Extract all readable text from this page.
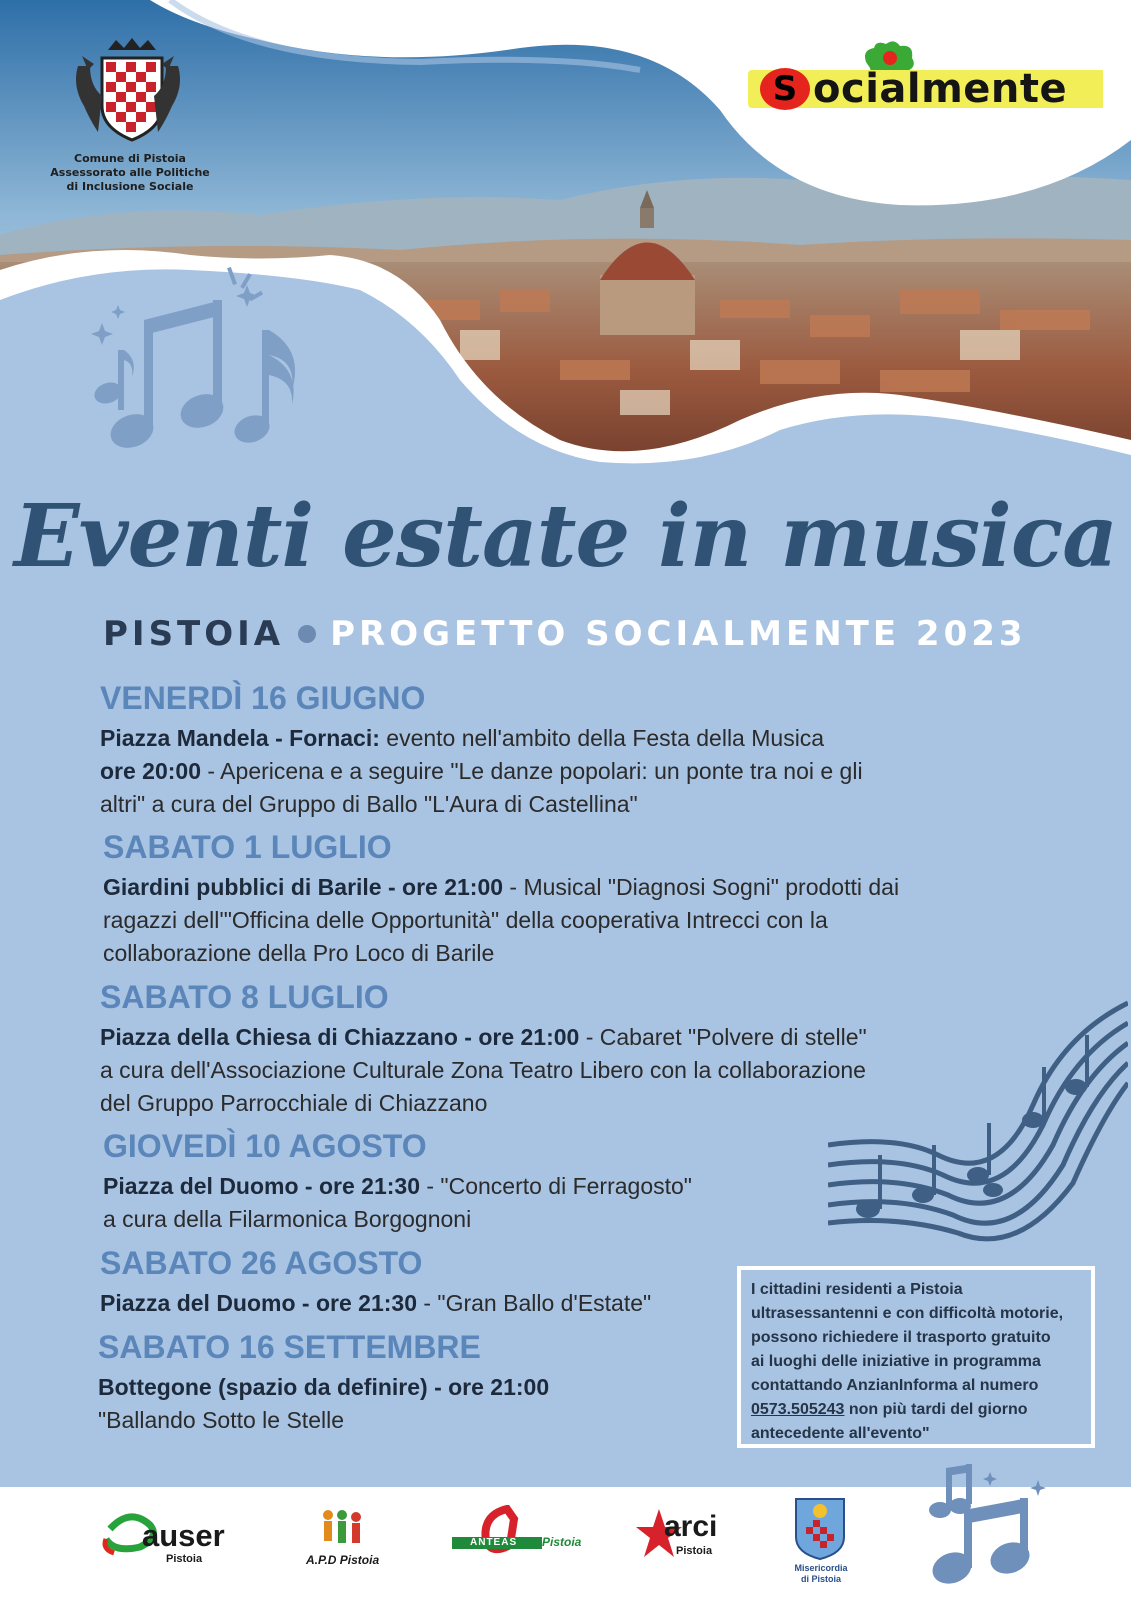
Comune di Pistoia
Assessorato alle Politiche
di Inclusione Sociale
S ocialmente
Eventi estate in musica
PISTOIA PROGETTO SOCIALMENTE 2023
VENERDÌ 16 GIUGNO
Piazza Mandela - Fornaci: evento nell'ambito della Festa della Musica
ore 20:00 - Apericena e a seguire "Le danze popolari: un ponte tra noi e gli
altri" a cura del Gruppo di Ballo "L'Aura di Castellina"
SABATO 1 LUGLIO
Giardini pubblici di Barile - ore 21:00 - Musical "Diagnosi Sogni" prodotti dai
ragazzi dell'"Officina delle Opportunità" della cooperativa Intrecci con la
collaborazione della Pro Loco di Barile
SABATO 8 LUGLIO
Piazza della Chiesa di Chiazzano - ore 21:00 - Cabaret "Polvere di stelle"
a cura dell'Associazione Culturale Zona Teatro Libero con la collaborazione
del Gruppo Parrocchiale di Chiazzano
GIOVEDÌ 10 AGOSTO
Piazza del Duomo - ore 21:30 - "Concerto di Ferragosto"
a cura della Filarmonica Borgognoni
SABATO 26 AGOSTO
Piazza del Duomo - ore 21:30 - "Gran Ballo d'Estate"
SABATO 16 SETTEMBRE
Bottegone (spazio da definire) - ore 21:00
"Ballando Sotto le Stelle
I cittadini residenti a Pistoia
ultrasessantenni e con difficoltà motorie,
possono richiedere il trasporto gratuito
ai luoghi delle iniziative in programma
contattando AnzianInforma al numero
0573.505243 non più tardi del giorno
antecedente all'evento"
auser
Pistoia	A.P.D Pistoia
ANTEAS Pistoia	arci
Pistoia
Misericordia
di Pistoia
